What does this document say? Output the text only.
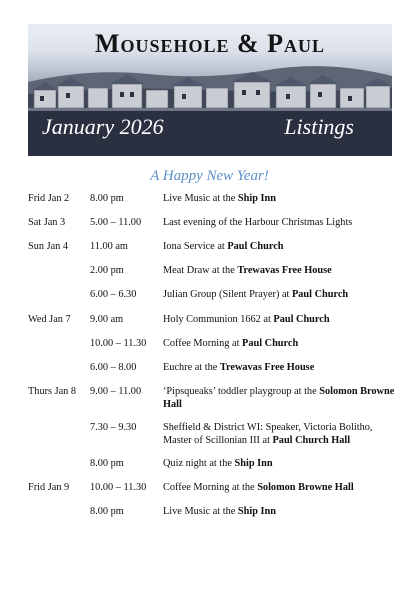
Mousehole & Paul
January 2026	Listings
A Happy New Year!
Frid Jan 2 8.00 pm	Live Music at the Ship Inn
Sat Jan 3 5.00 – 11.00 Last evening of the Harbour Christmas Lights
Sun Jan 4 11.00 am	Iona Service at Paul Church
2.00 pm	Meat Draw at the Trewavas Free House
6.00 – 6.30	Julian Group (Silent Prayer) at Paul Church
Wed Jan 7 9.00 am	Holy Communion 1662 at Paul Church
10.00 – 11.30 Coffee Morning at Paul Church
6.00 – 8.00	Euchre at the Trewavas Free House
Thurs Jan 8 9.00 – 11.00 ‘Pipsqueaks’ toddler playgroup at the Solomon Browne Hall
7.30 – 9.30	Sheffield & District WI: Speaker, Victoria Bolitho, Master of Scillonian III at Paul Church Hall
8.00 pm	Quiz night at the Ship Inn
Frid Jan 9 10.00 – 11.30 Coffee Morning at the Solomon Browne Hall
8.00 pm	Live Music at the Ship Inn
